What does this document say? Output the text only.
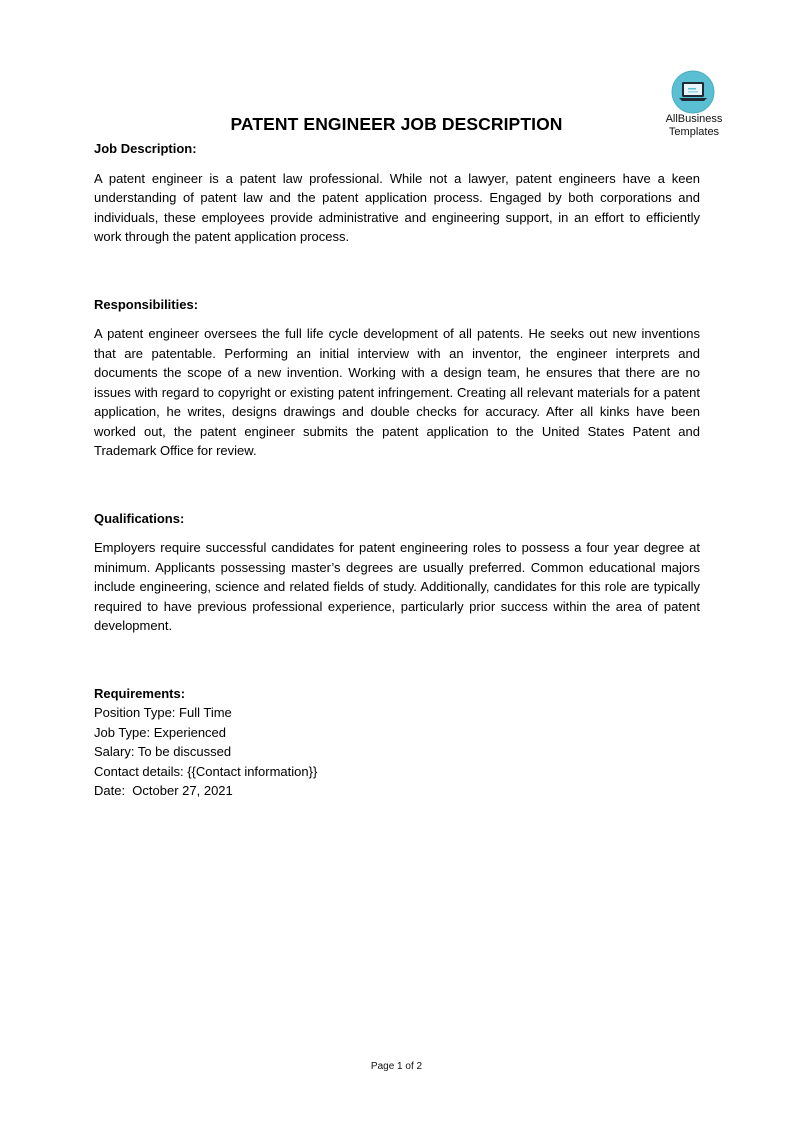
AllBusiness
Templates
PATENT ENGINEER JOB DESCRIPTION

Job Description:

A patent engineer is a patent law professional. While not a lawyer, patent engineers have a keen understanding of patent law and the patent application process. Engaged by both corporations and individuals, these employees provide administrative and engineering support, in an effort to efficiently work through the patent application process.

Responsibilities:

A patent engineer oversees the full life cycle development of all patents. He seeks out new inventions that are patentable. Performing an initial interview with an inventor, the engineer interprets and documents the scope of a new invention. Working with a design team, he ensures that there are no issues with regard to copyright or existing patent infringement. Creating all relevant materials for a patent application, he writes, designs drawings and double checks for accuracy. After all kinks have been worked out, the patent engineer submits the patent application to the United States Patent and Trademark Office for review.

Qualifications:

Employers require successful candidates for patent engineering roles to possess a four year degree at minimum. Applicants possessing master’s degrees are usually preferred. Common educational majors include engineering, science and related fields of study. Additionally, candidates for this role are typically required to have previous professional experience, particularly prior success within the area of patent development.

Requirements:

Position Type: Full Time

Job Type: Experienced

Salary: To be discussed

Contact details: {{Contact information}}

Date:  October 27, 2021

Page 1 of 2
